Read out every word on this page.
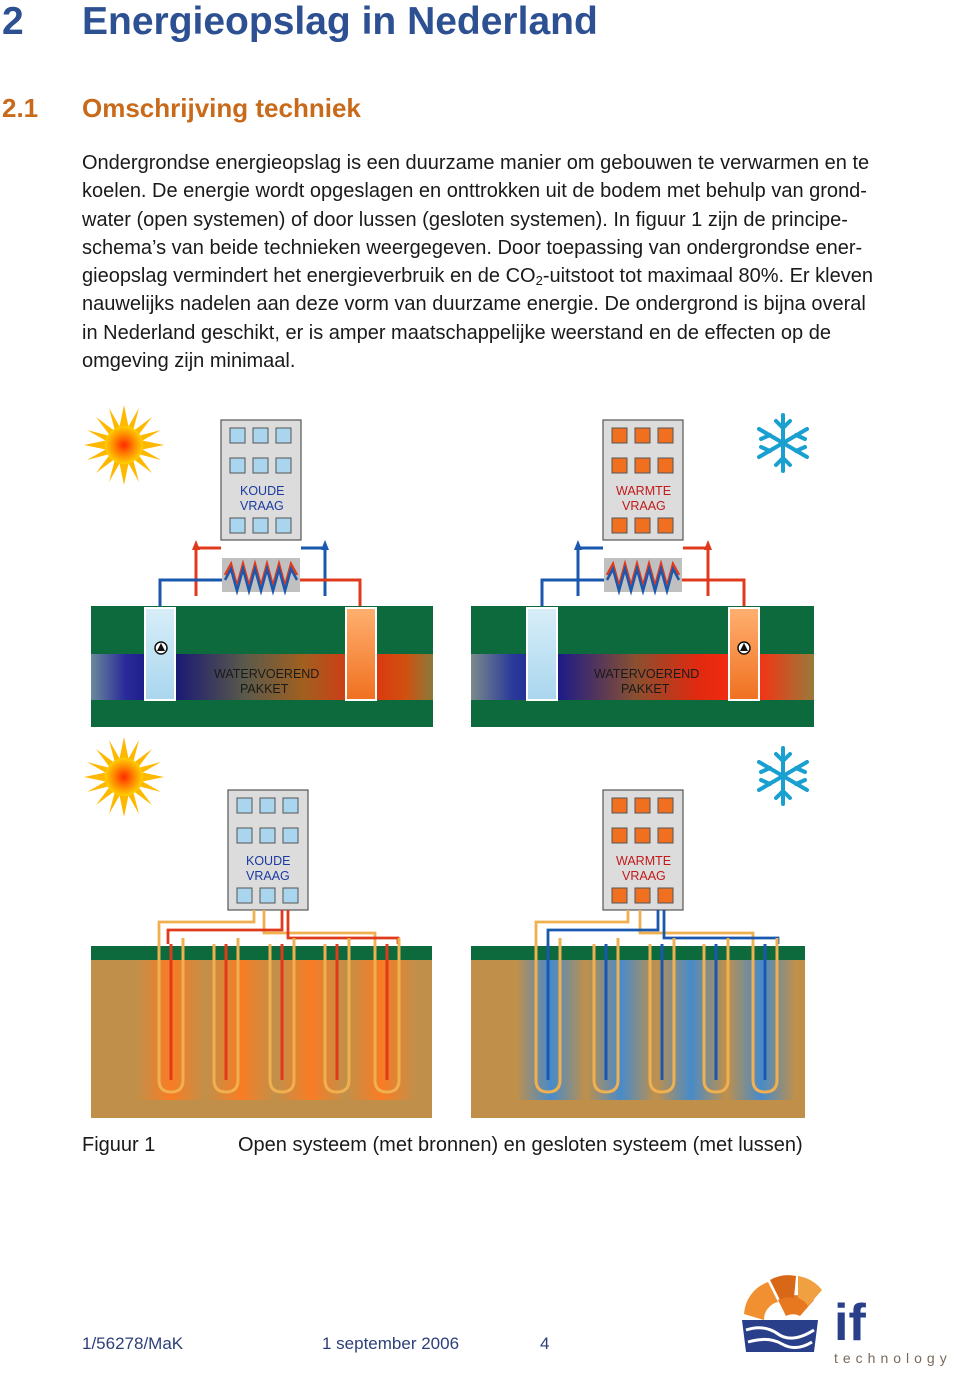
2 Energieopslag in Nederland
2.1 Omschrijving techniek
Ondergrondse energieopslag is een duurzame manier om gebouwen te verwarmen en te
koelen. De energie wordt opgeslagen en onttrokken uit de bodem met behulp van grond-
water (open systemen) of door lussen (gesloten systemen). In figuur 1 zijn de principe-
schema’s van beide technieken weergegeven. Door toepassing van ondergrondse ener-
gieopslag vermindert het energieverbruik en de $CO_2$-uitstoot tot maximaal 80%. Er kleven
nauwelijks nadelen aan deze vorm van duurzame energie. De ondergrond is bijna overal
in Nederland geschikt, er is amper maatschappelijke weerstand en de effecten op de
omgeving zijn minimaal.
KOUDE
VRAAG
WATERVOEREND
PAKKET
WARMTE
VRAAG
WATERVOEREND
PAKKET
KOUDE
VRAAG
WARMTE
VRAAG
Figuur 1	Open systeem (met bronnen) en gesloten systeem (met lussen)
1/56278/MaK	1 september 2006	4	if
technology
